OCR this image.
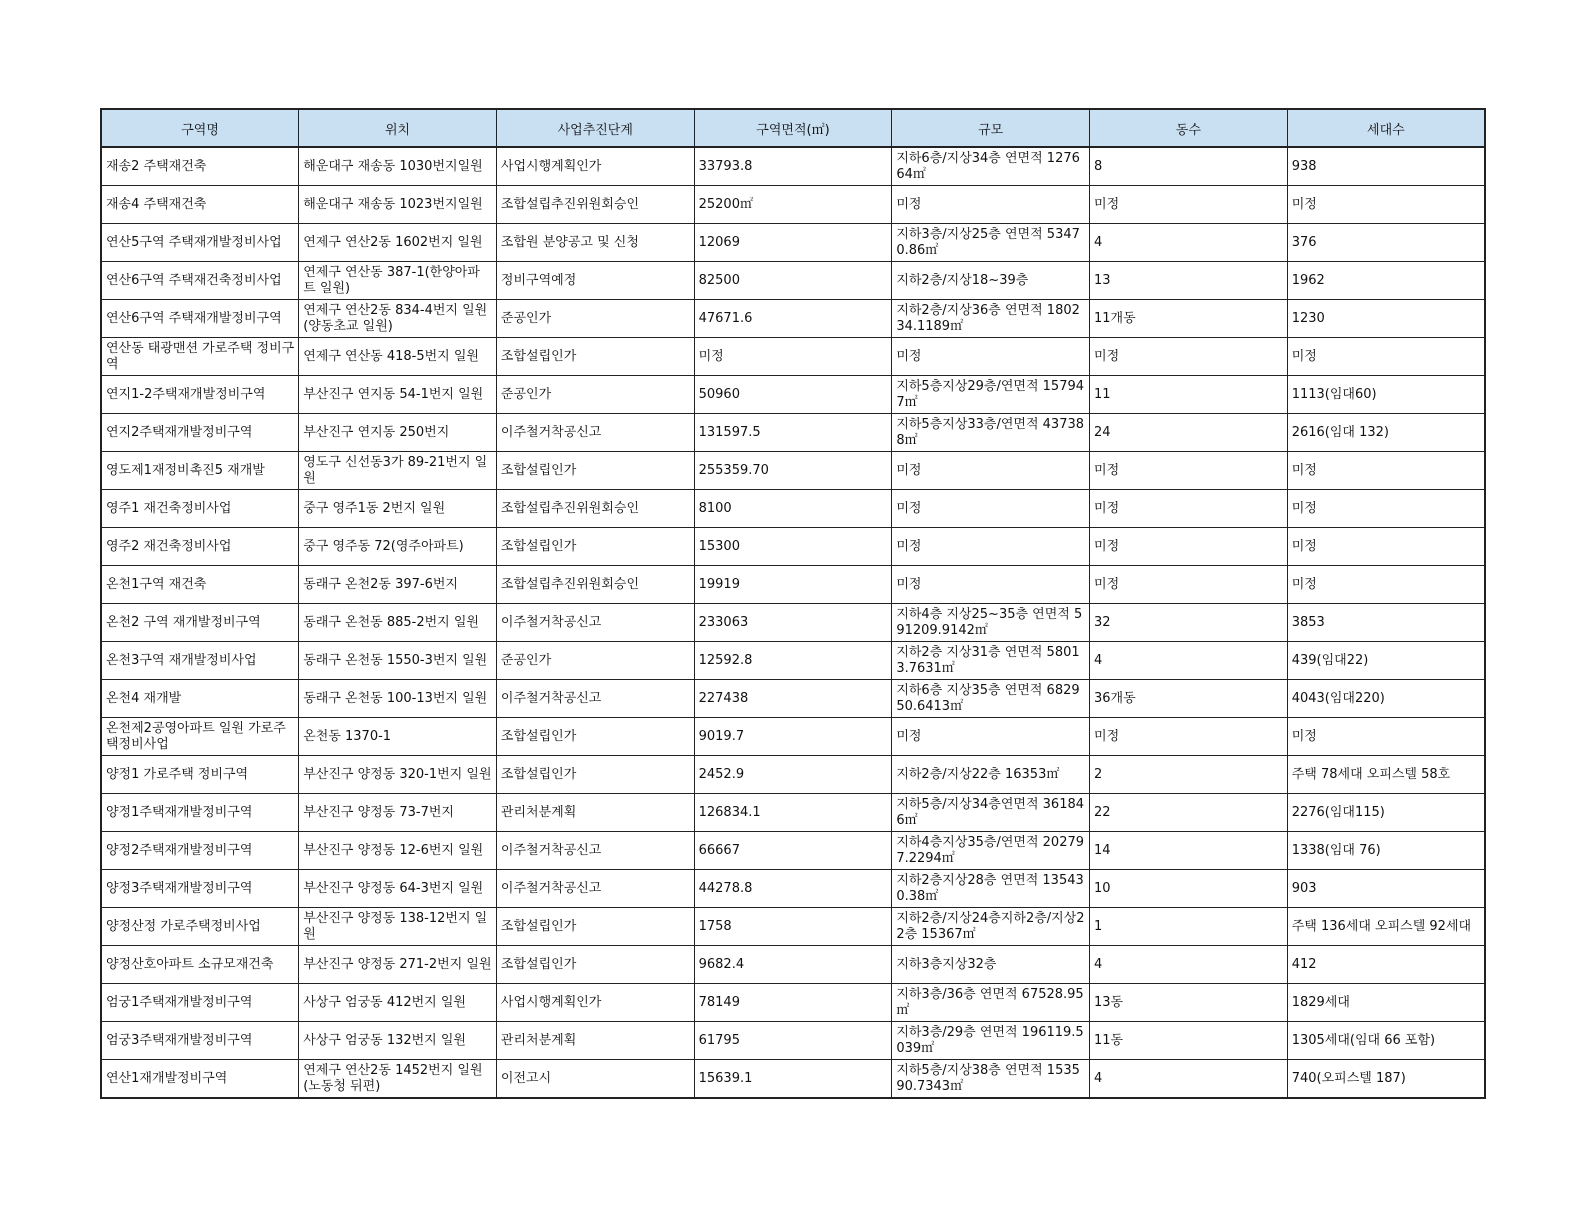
구역명	위치	사업추진단계	구역면적(㎡)	규모	동수	세대수

재송2 주택재건축	해운대구 재송동 1030번지일원	사업시행계획인가	33793.8	지하6층/지상34층 연면적 127664㎡	8	938

재송4 주택재건축	해운대구 재송동 1023번지일원	조합설립추진위원회승인	25200㎡	미정	미정	미정

연산5구역 주택재개발정비사업	연제구 연산2동 1602번지 일원	조합원 분양공고 및 신청	12069	지하3층/지상25층 연면적 53470.86㎡	4	376

연산6구역 주택재건축정비사업	연제구 연산동 387-1(한양아파트 일원)	정비구역예정	82500	지하2층/지상18~39층	13	1962

연산6구역 주택재개발정비구역	연제구 연산2동 834-4번지 일원(양동초교 일원)	준공인가	47671.6	지하2층/지상36층 연면적 180234.1189㎡	11개동	1230

연산동 태광맨션 가로주택 정비구역	연제구 연산동 418-5번지 일원	조합설립인가	미정	미정	미정	미정

연지1-2주택재개발정비구역	부산진구 연지동 54-1번지 일원	준공인가	50960	지하5층지상29층/연면적 157947㎡	11	1113(임대60)

연지2주택재개발정비구역	부산진구 연지동 250번지	이주철거착공신고	131597.5	지하5층지상33층/연면적 437388㎡	24	2616(임대 132)

영도제1재정비촉진5 재개발	영도구 신선동3가 89-21번지 일원	조합설립인가	255359.70	미정	미정	미정

영주1 재건축정비사업	중구 영주1동 2번지 일원	조합설립추진위원회승인	8100	미정	미정	미정

영주2 재건축정비사업	중구 영주동 72(영주아파트)	조합설립인가	15300	미정	미정	미정

온천1구역 재건축	동래구 온천2동 397-6번지	조합설립추진위원회승인	19919	미정	미정	미정

온천2 구역 재개발정비구역	동래구 온천동 885-2번지 일원	이주철거착공신고	233063	지하4층 지상25~35층 연면적 591209.9142㎡	32	3853

온천3구역 재개발정비사업	동래구 온천동 1550-3번지 일원	준공인가	12592.8	지하2층 지상31층 연면적 58013.7631㎡	4	439(임대22)

온천4 재개발	동래구 온천동 100-13번지 일원	이주철거착공신고	227438	지하6층 지상35층 연면적 682950.6413㎡	36개동	4043(임대220)

온천제2공영아파트 일원 가로주택정비사업	온천동 1370-1	조합설립인가	9019.7	미정	미정	미정

양정1 가로주택 정비구역	부산진구 양정동 320-1번지 일원	조합설립인가	2452.9	지하2층/지상22층 16353㎡	2	주택 78세대 오피스텔 58호

양정1주택재개발정비구역	부산진구 양정동 73-7번지	관리처분계획	126834.1	지하5층/지상34층연면적 361846㎡	22	2276(임대115)

양정2주택재개발정비구역	부산진구 양정동 12-6번지 일원	이주철거착공신고	66667	지하4층지상35층/연면적 202797.2294㎡	14	1338(임대 76)

양정3주택재개발정비구역	부산진구 양정동 64-3번지 일원	이주철거착공신고	44278.8	지하2층지상28층 연면적 135430.38㎡	10	903

양정산정 가로주택정비사업	부산진구 양정동 138-12번지 일원	조합설립인가	1758	지하2층/지상24층지하2층/지상22층 15367㎡	1	주택 136세대 오피스텔 92세대

양정산호아파트 소규모재건축	부산진구 양정동 271-2번지 일원	조합설립인가	9682.4	지하3층지상32층	4	412

엄궁1주택재개발정비구역	사상구 엄궁동 412번지 일원	사업시행계획인가	78149	지하3층/36층 연면적 67528.95㎡	13동	1829세대

엄궁3주택재개발정비구역	사상구 엄궁동 132번지 일원	관리처분계획	61795	지하3층/29층 연면적 196119.5039㎡	11동	1305세대(임대 66 포함)

연산1재개발정비구역	연제구 연산2동 1452번지 일원(노동청 뒤편)	이전고시	15639.1	지하5층/지상38층 연면적 153590.7343㎡	4	740(오피스텔 187)
